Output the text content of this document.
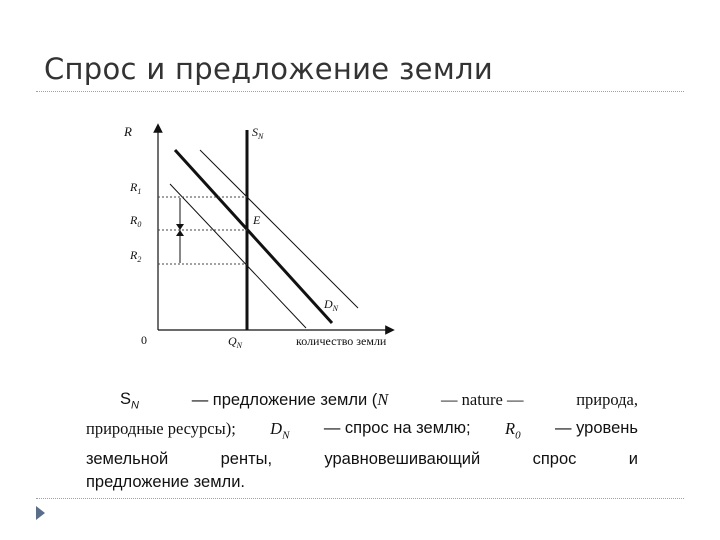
Спрос и предложение земли
R	$S_N$
$R_1$
$R_0$
$R_2$
E
$D_N$
0	$Q_N$	количество земли
$S_N$	— предложение земли (N	— nature —	природа,
природные ресурсы); $D_N$ — спрос на землю; $R_0$ — уровень
земельной	ренты,	уравновешивающий	спрос	и
предложение земли.
